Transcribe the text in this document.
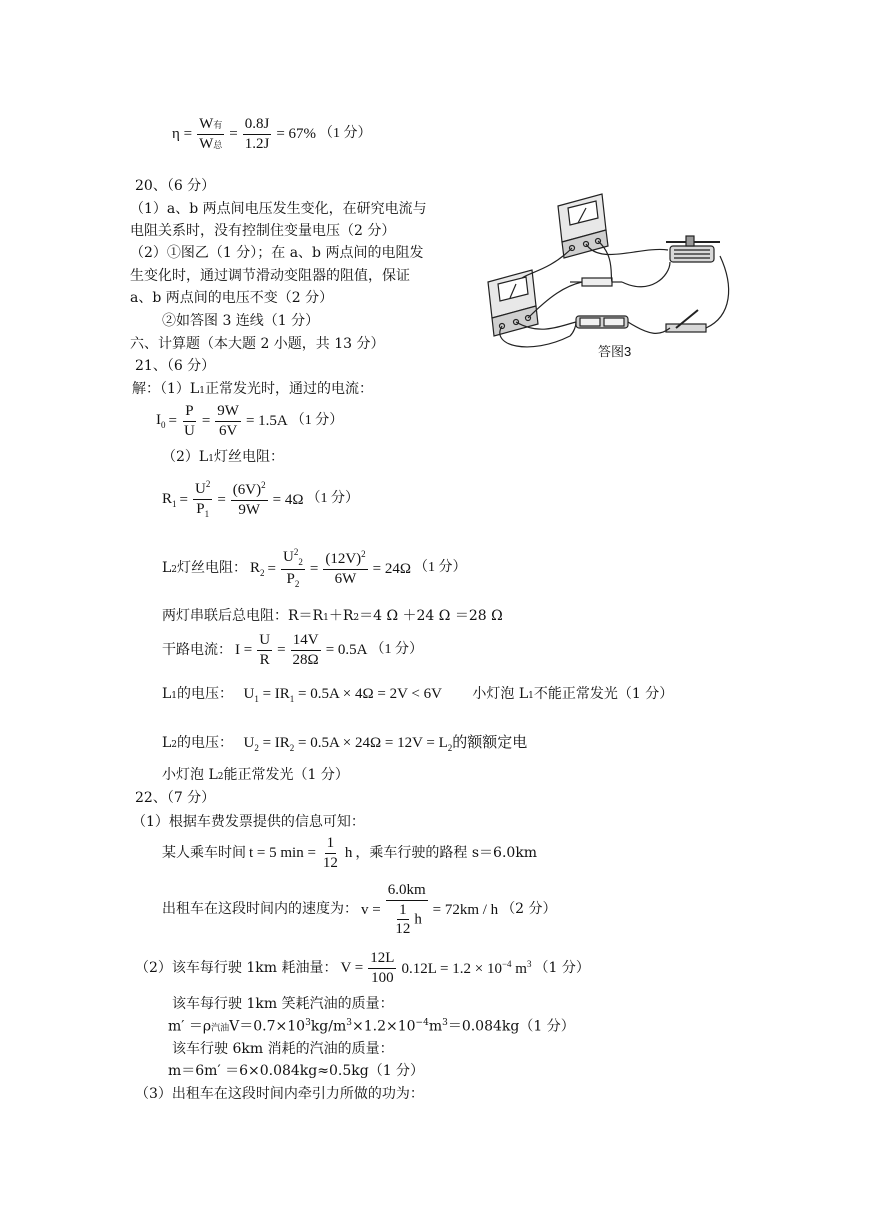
$\eta = \frac{\text{W有}}{\text{W总}} = \frac{0.8J}{1.2J} = 67\%$ （1 分）
20、（6 分）
（1）a、b 两点间电压发生变化，在研究电流与
电阻关系时，没有控制住变量电压（2 分）
（2）①图乙（1 分）；在 a、b 两点间的电阻发
生变化时，通过调节滑动变阻器的阻值，保证
a、b 两点间的电压不变（2 分）
②如答图 3 连线（1 分）
答图3
六、计算题（本大题 2 小题，共 13 分）
21、（6 分）
解：（1）L1正常发光时，通过的电流：
$I_0 = \frac{P}{U} = \frac{9W}{6V} = 1.5A$ （1 分）
（2）L1灯丝电阻：
$R_1 = \frac{U^2}{P_1} = \frac{(6V)^2}{9W} = 4\Omega$ （1 分）
L2灯丝电阻： $R_2 = \frac{U^2_2}{P_2} = \frac{(12V)^2}{6W} = 24\Omega$ （1 分）
两灯串联后总电阻：R＝R1＋R2＝4 Ω ＋24 Ω ＝28 Ω
干路电流： $I = \frac{U}{R} = \frac{14V}{28\Omega} = 0.5A$ （1 分）
L1的电压： $U_1 = IR_1 = 0.5A \times 4\Omega = 2V < 6V$ 小灯泡 L1不能正常发光（1 分）
L2的电压： $U_2 = IR_2 = 0.5A \times 24\Omega = 12V = L_2$的额额定电
小灯泡 L2能正常发光（1 分）
22、（7 分）
（1）根据车费发票提供的信息可知：
某人乘车时间 t = 5 $\min = \frac{1}{12}$ h ，乘车行驶的路程 s＝6.0km
出租车在这段时间内的速度为： $v = \frac{6.0km}{\frac{1}{12} h} = 72km / h$ （2 分）
（2）该车每行驶 1km 耗油量： $V = \frac{12L}{100} 0.12L = 1.2 \times 10^{-4}$ $m^3$ （1 分）
该车每行驶 1km 笑耗汽油的质量：
m′ ＝ρ汽油$V=0.7\times 10^3kg/m^3\times 1.2\times 10^{-4}m^3=0.084kg(1$ 分）
该车行驶 6km 消耗的汽油的质量：
m＝6m′ ＝6×0.084kg≈0.5kg（1 分）
（3）出租车在这段时间内牵引力所做的功为：
